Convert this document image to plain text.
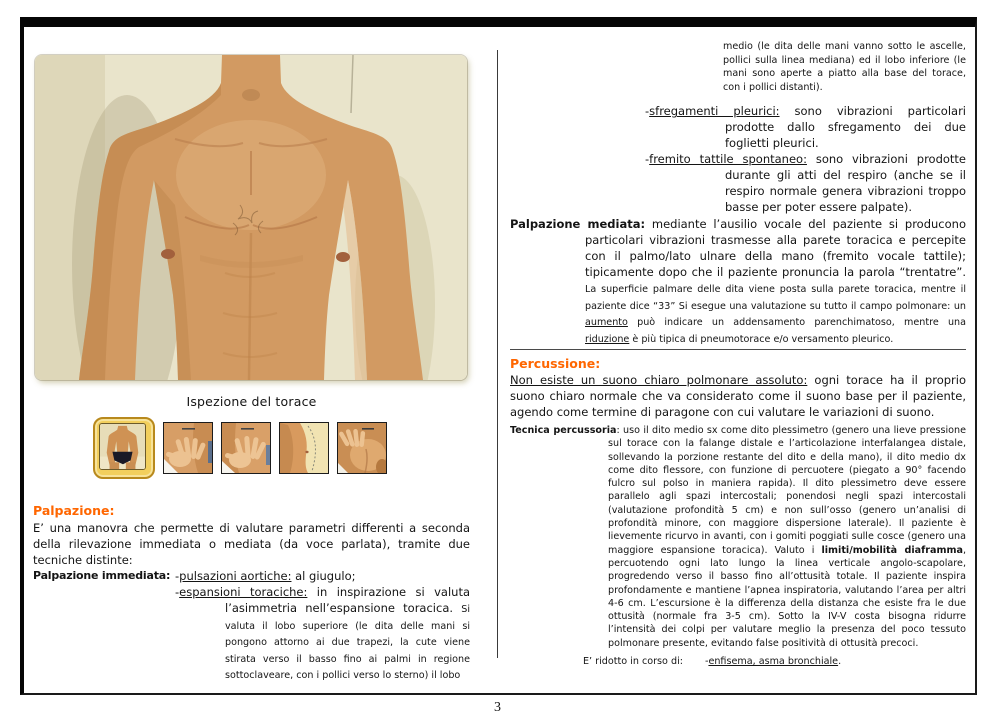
Ispezione del torace
Palpazione:

E’ una manovra che permette di valutare parametri differenti a seconda della rilevazione immediata o mediata (da voce parlata), tramite due tecniche distinte:

Palpazione immediata: -pulsazioni aortiche: al giugulo;

-espansioni toraciche: in inspirazione si valuta l’asimmetria nell’espansione toracica. Si valuta il lobo superiore (le dita delle mani si pongono attorno ai due trapezi, la cute viene stirata verso il basso fino ai palmi in regione sottoclaveare, con i pollici verso lo sterno) il lobo

medio (le dita delle mani vanno sotto le ascelle, pollici sulla linea mediana) ed il lobo inferiore (le mani sono aperte a piatto alla base del torace, con i pollici distanti).

-sfregamenti pleurici: sono vibrazioni particolari prodotte dallo sfregamento dei due foglietti pleurici.

-fremito tattile spontaneo: sono vibrazioni prodotte durante gli atti del respiro (anche se il respiro normale genera vibrazioni troppo basse per poter essere palpate).

Palpazione mediata: mediante l’ausilio vocale del paziente si producono particolari vibrazioni trasmesse alla parete toracica e percepite con il palmo/lato ulnare della mano (fremito vocale tattile); tipicamente dopo che il paziente pronuncia la parola “trentatre”. La superficie palmare delle dita viene posta sulla parete toracica, mentre il paziente dice “33” Si esegue una valutazione su tutto il campo polmonare: un aumento può indicare un addensamento parenchimatoso, mentre una riduzione è più tipica di pneumotorace e/o versamento pleurico.

Percussione:

Non esiste un suono chiaro polmonare assoluto: ogni torace ha il proprio suono chiaro normale che va considerato come il suono base per il paziente, agendo come termine di paragone con cui valutare le variazioni di suono.

Tecnica percussoria: uso il dito medio sx come dito plessimetro (genero una lieve pressione sul torace con la falange distale e l’articolazione interfalangea distale, sollevando la porzione restante del dito e della mano), il dito medio dx come dito flessore, con funzione di percuotere (piegato a 90° facendo fulcro sul polso in maniera rapida). Il dito plessimetro deve essere parallelo agli spazi intercostali; ponendosi negli spazi intercostali (valutazione profondità 5 cm) e non sull’osso (genero un’analisi di profondità minore, con maggiore dispersione laterale). Il paziente è lievemente ricurvo in avanti, con i gomiti poggiati sulle cosce (genero una maggiore espansione toracica). Valuto i limiti/mobilità diaframma, percuotendo ogni lato lungo la linea verticale angolo-scapolare, progredendo verso il basso fino all’ottusità totale. Il paziente inspira profondamente e mantiene l’apnea inspiratoria, valutando l’area per altri 4-6 cm. L’escursione è la differenza della distanza che esiste fra le due ottusità (normale fra 3-5 cm). Sotto la IV-V costa bisogna ridurre l’intensità dei colpi per valutare meglio la presenza del poco tessuto polmonare presente, evitando false positività di ottusità precoci.

E’ ridotto in corso di: -enfisema, asma bronchiale.

3
